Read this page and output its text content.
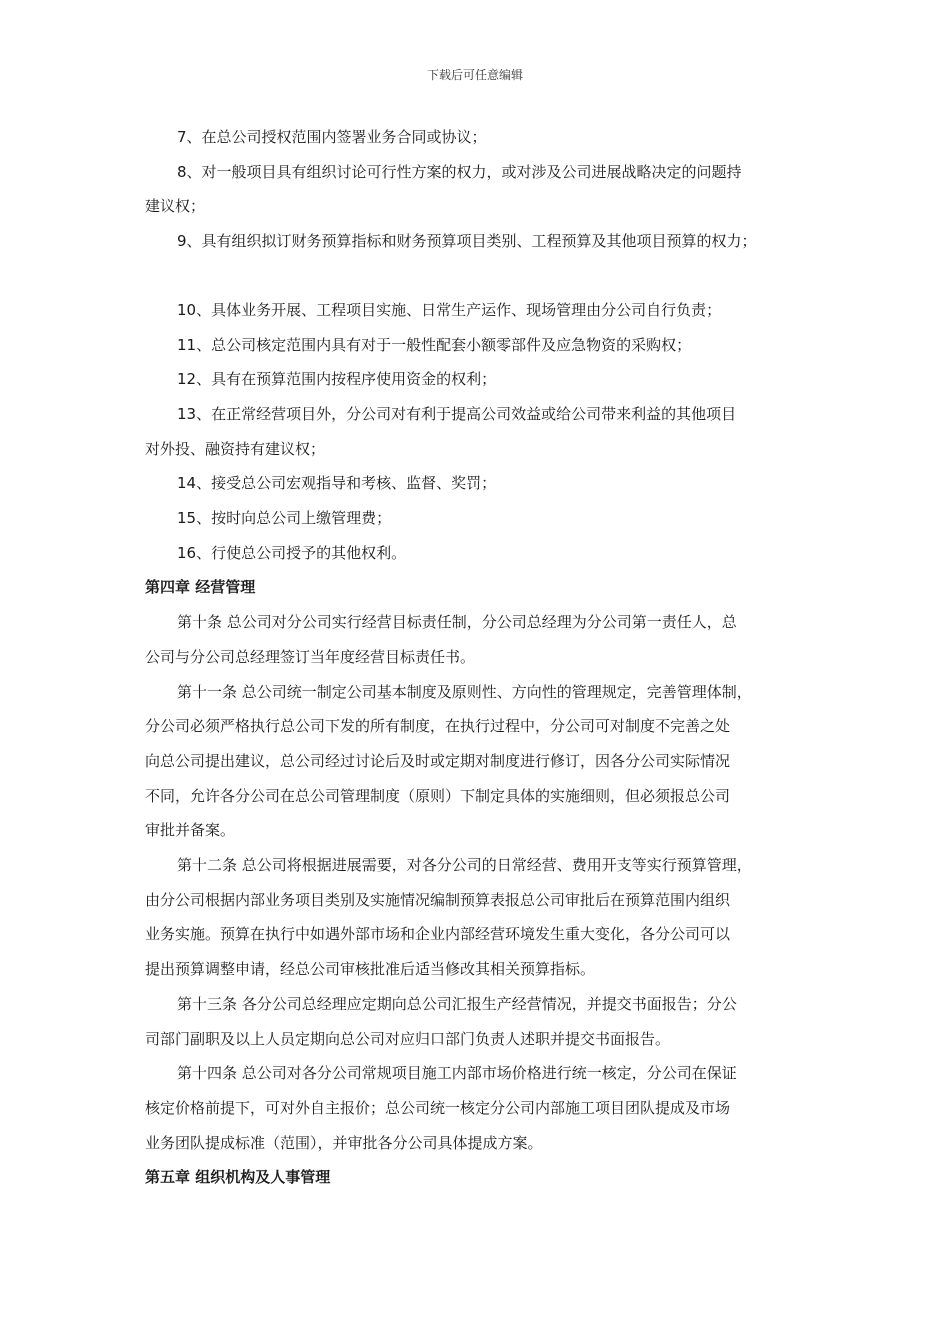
下载后可任意编辑
7、在总公司授权范围内签署业务合同或协议；
8、对一般项目具有组织讨论可行性方案的权力，或对涉及公司进展战略决定的问题持
建议权；
9、具有组织拟订财务预算指标和财务预算项目类别、工程预算及其他项目预算的权力；
10、具体业务开展、工程项目实施、日常生产运作、现场管理由分公司自行负责；
11、总公司核定范围内具有对于一般性配套小额零部件及应急物资的采购权；
12、具有在预算范围内按程序使用资金的权利；
13、在正常经营项目外，分公司对有利于提高公司效益或给公司带来利益的其他项目
对外投、融资持有建议权；
14、接受总公司宏观指导和考核、监督、奖罚；
15、按时向总公司上缴管理费；
16、行使总公司授予的其他权利。
第四章 经营管理
第十条 总公司对分公司实行经营目标责任制，分公司总经理为分公司第一责任人，总
公司与分公司总经理签订当年度经营目标责任书。
第十一条 总公司统一制定公司基本制度及原则性、方向性的管理规定，完善管理体制，
分公司必须严格执行总公司下发的所有制度，在执行过程中，分公司可对制度不完善之处
向总公司提出建议，总公司经过讨论后及时或定期对制度进行修订，因各分公司实际情况
不同，允许各分公司在总公司管理制度（原则）下制定具体的实施细则，但必须报总公司
审批并备案。
第十二条 总公司将根据进展需要，对各分公司的日常经营、费用开支等实行预算管理，
由分公司根据内部业务项目类别及实施情况编制预算表报总公司审批后在预算范围内组织
业务实施。预算在执行中如遇外部市场和企业内部经营环境发生重大变化，各分公司可以
提出预算调整申请，经总公司审核批准后适当修改其相关预算指标。
第十三条 各分公司总经理应定期向总公司汇报生产经营情况，并提交书面报告；分公
司部门副职及以上人员定期向总公司对应归口部门负责人述职并提交书面报告。
第十四条 总公司对各分公司常规项目施工内部市场价格进行统一核定，分公司在保证
核定价格前提下，可对外自主报价；总公司统一核定分公司内部施工项目团队提成及市场
业务团队提成标准（范围），并审批各分公司具体提成方案。
第五章 组织机构及人事管理
